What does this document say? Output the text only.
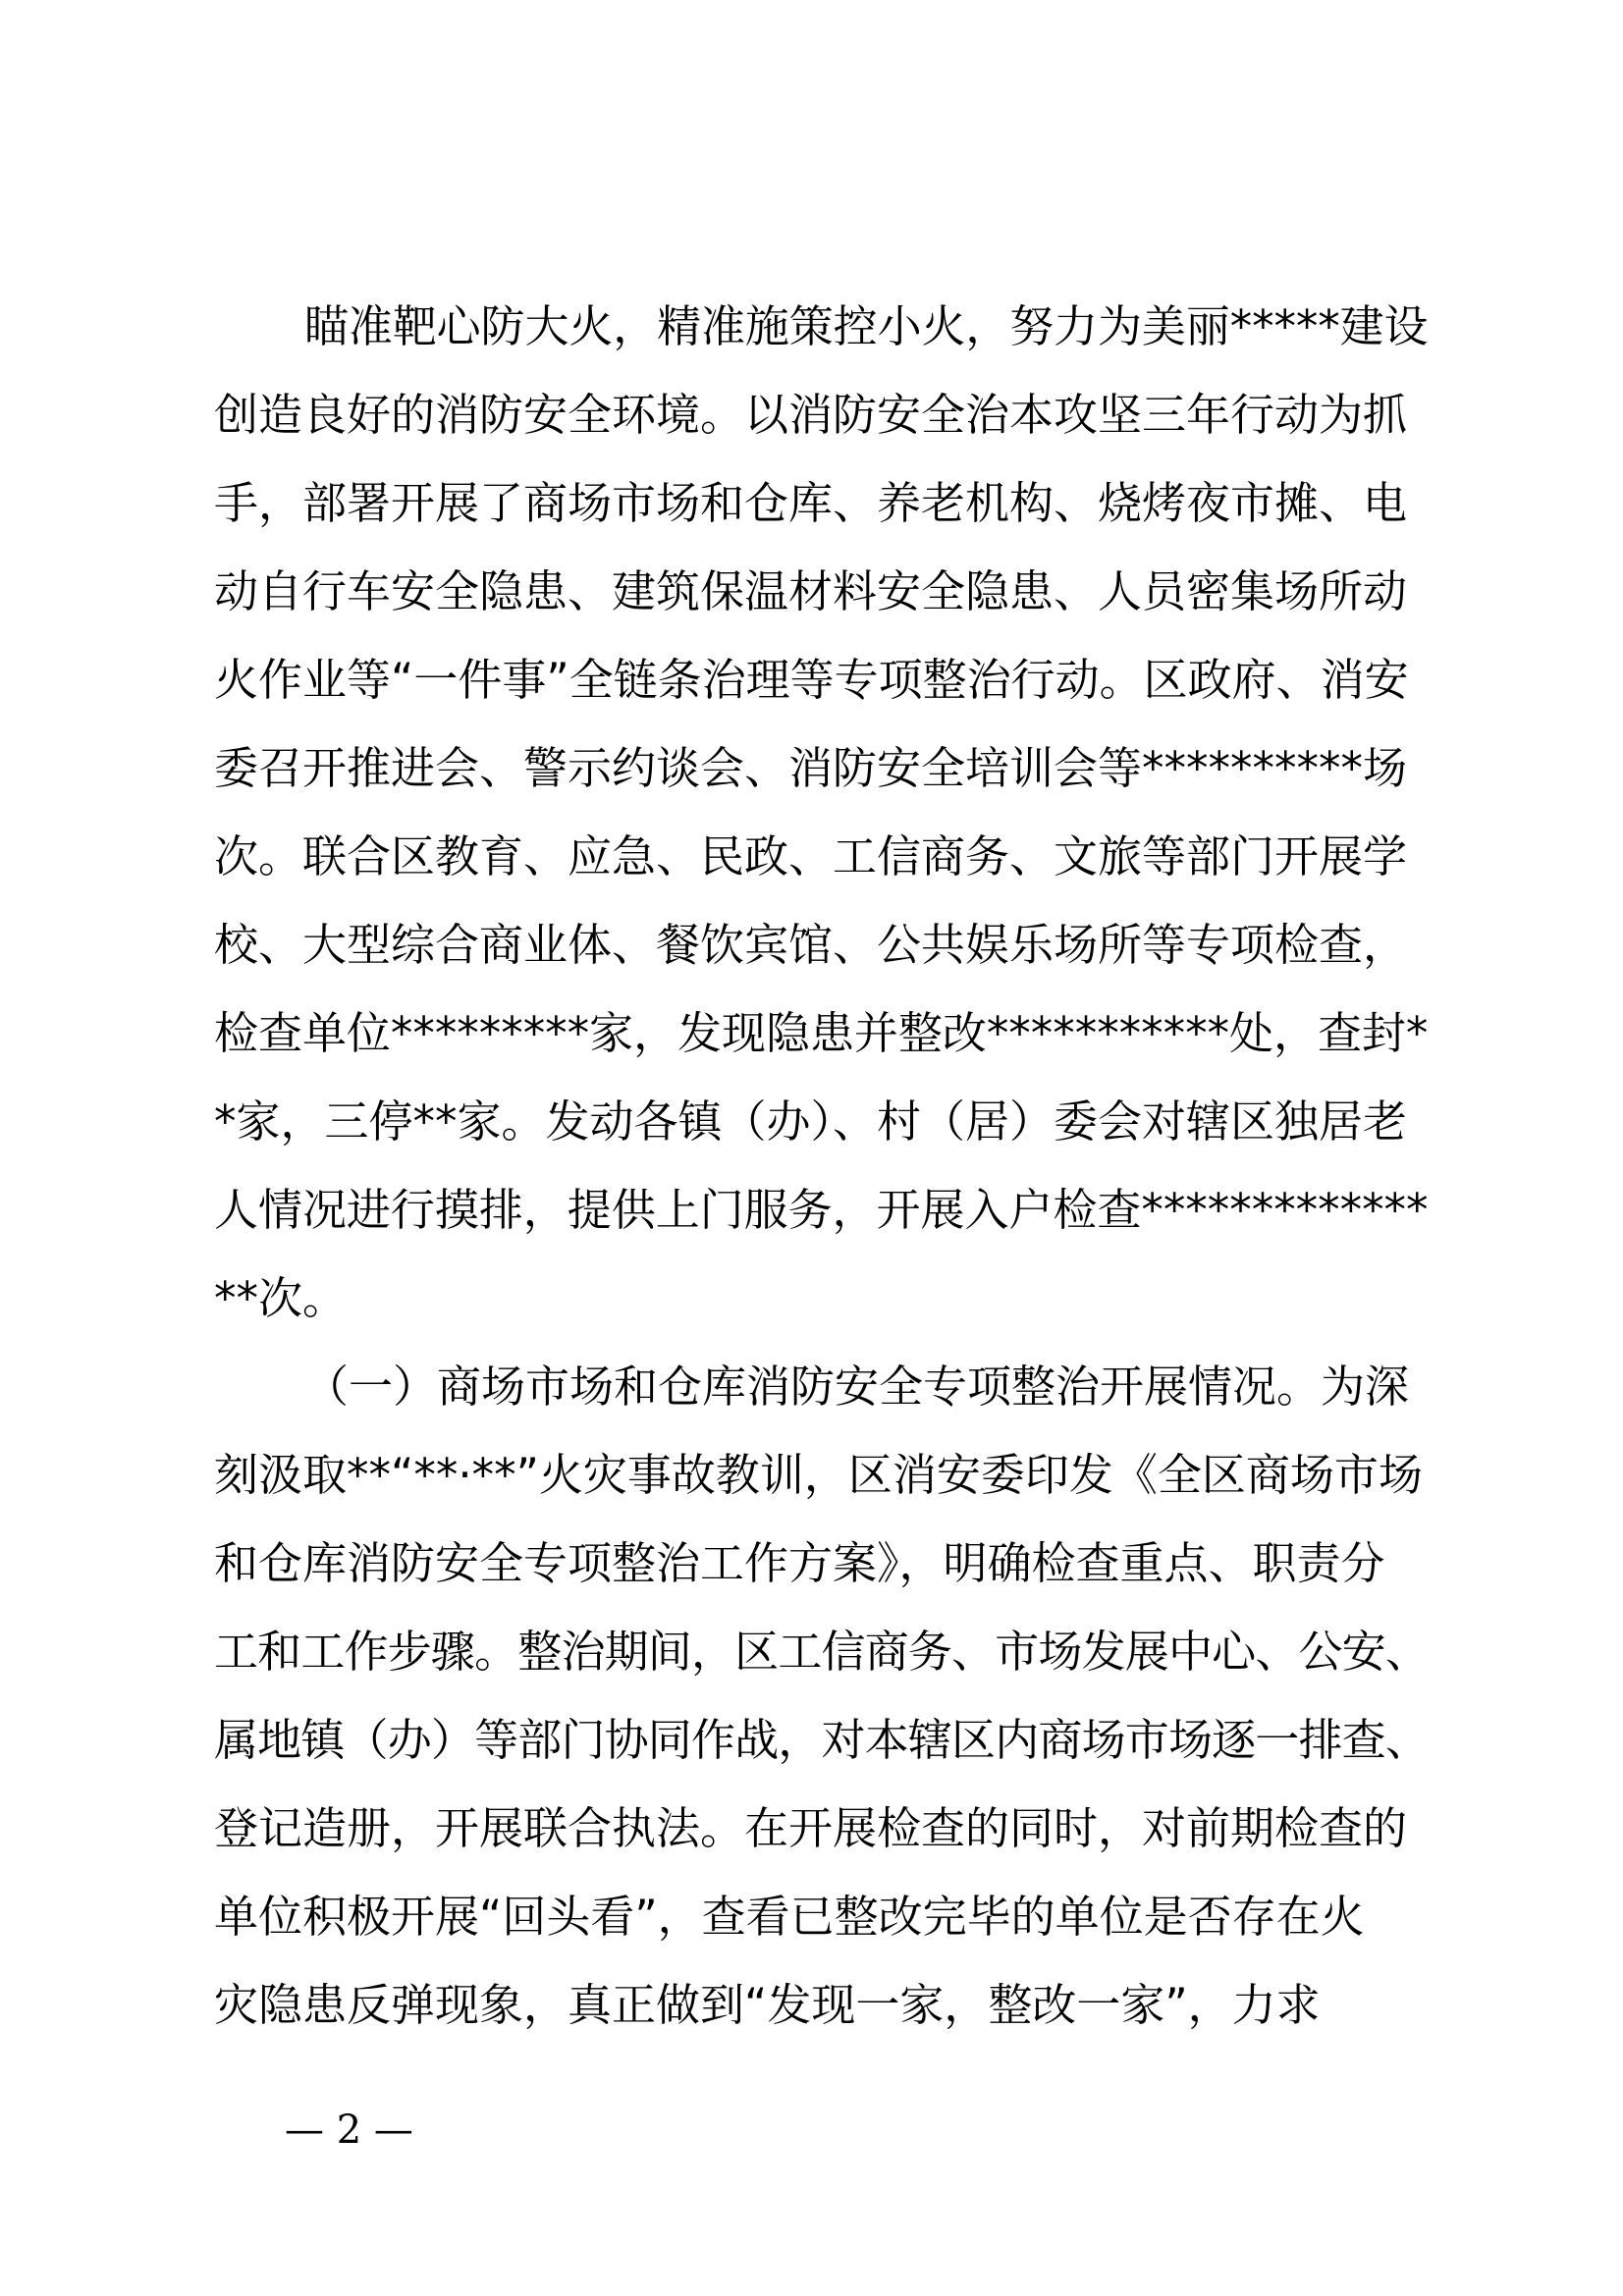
瞄准靶心防大火，精准施策控小火，努力为美丽*****建设
创造良好的消防安全环境。以消防安全治本攻坚三年行动为抓
手，部署开展了商场市场和仓库、养老机构、烧烤夜市摊、电
动自行车安全隐患、建筑保温材料安全隐患、人员密集场所动
火作业等“一件事”全链条治理等专项整治行动。区政府、消安
委召开推进会、警示约谈会、消防安全培训会等**********场
次。联合区教育、应急、民政、工信商务、文旅等部门开展学
校、大型综合商业体、餐饮宾馆、公共娱乐场所等专项检查，
检查单位*********家，发现隐患并整改***********处，查封*
*家，三停**家。发动各镇（办）、村（居）委会对辖区独居老
人情况进行摸排，提供上门服务，开展入户检查*************
**次。
（一）商场市场和仓库消防安全专项整治开展情况。为深
刻汲取**“**·**”火灾事故教训，区消安委印发《全区商场市场
和仓库消防安全专项整治工作方案》，明确检查重点、职责分
工和工作步骤。整治期间，区工信商务、市场发展中心、公安、
属地镇（办）等部门协同作战，对本辖区内商场市场逐一排查、
登记造册，开展联合执法。在开展检查的同时，对前期检查的
单位积极开展“回头看”，查看已整改完毕的单位是否存在火
灾隐患反弹现象，真正做到“发现一家，整改一家”，力求
— 2 —
